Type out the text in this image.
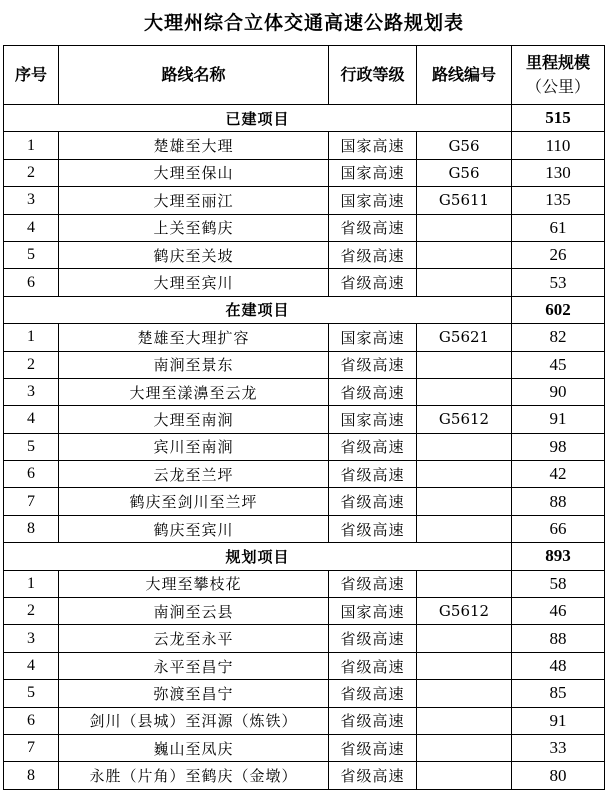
大理州综合立体交通高速公路规划表
序号	路线名称	行政等级	路线编号	里程规模
（公里）

已建项目				515
1	楚雄至大理	国家高速	G56	110
2	大理至保山	国家高速	G56	130
3	大理至丽江	国家高速	G5611	135
4	上关至鹤庆	省级高速		61
5	鹤庆至关坡	省级高速		26
6	大理至宾川	省级高速		53
在建项目				602
1	楚雄至大理扩容	国家高速	G5621	82
2	南涧至景东	省级高速		45
3	大理至漾濞至云龙	省级高速		90
4	大理至南涧	国家高速	G5612	91
5	宾川至南涧	省级高速		98
6	云龙至兰坪	省级高速		42
7	鹤庆至剑川至兰坪	省级高速		88
8	鹤庆至宾川	省级高速		66
规划项目				893
1	大理至攀枝花	省级高速		58
2	南涧至云县	国家高速	G5612	46
3	云龙至永平	省级高速		88
4	永平至昌宁	省级高速		48
5	弥渡至昌宁	省级高速		85
6	剑川（县城）至洱源（炼铁）	省级高速		91
7	巍山至凤庆	省级高速		33
8	永胜（片角）至鹤庆（金墩）	省级高速		80
